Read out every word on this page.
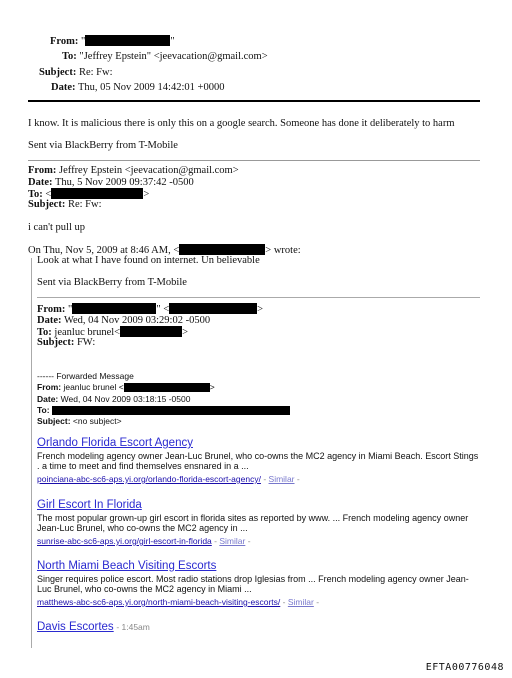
From: "	"
To: "Jeffrey Epstein" <jeevacation@gmail.com>
Subject: Re: Fw:
Date: Thu, 05 Nov 2009 14:42:01 +0000
I know. It is malicious there is only this on a google search. Someone has done it deliberately to harm
Sent via BlackBerry from T-Mobile
From: Jeffrey Epstein <jeevacation@gmail.com>
Date: Thu, 5 Nov 2009 09:37:42 -0500
To: <	>
Subject: Re: Fw:
i can't pull up
On Thu, Nov 5, 2009 at 8:46 AM, <	> wrote:
Look at what I have found on internet. Un believable
Sent via BlackBerry from T-Mobile
From: "	" <	>
Date: Wed, 04 Nov 2009 03:29:02 -0500
To: jeanluc brunel<	>
Subject: FW:
------ Forwarded Message
From: jeanluc brunel <	>
Date: Wed, 04 Nov 2009 03:18:15 -0500
To:
Subject: <no subject>
Orlando Florida Escort Agency
French modeling agency owner Jean-Luc Brunel, who co-owns the MC2 agency in Miami Beach. Escort Stings . a time to meet and find themselves ensnared in a ...
poinciana-abc-sc6-aps.yi.org/orlando-florida-escort-agency/ - Similar -
Girl Escort In Florida
The most popular grown-up girl escort in florida sites as reported by www. ... French modeling agency owner Jean-Luc Brunel, who co-owns the MC2 agency in ...
sunrise-abc-sc6-aps.yi.org/girl-escort-in-florida - Similar -
North Miami Beach Visiting Escorts
Singer requires police escort. Most radio stations drop Iglesias from ... French modeling agency owner Jean-Luc Brunel, who co-owns the MC2 agency in Miami ...
matthews-abc-sc6-aps.yi.org/north-miami-beach-visiting-escorts/ - Similar -
Davis Escortes - 1:45am
EFTA00776048
